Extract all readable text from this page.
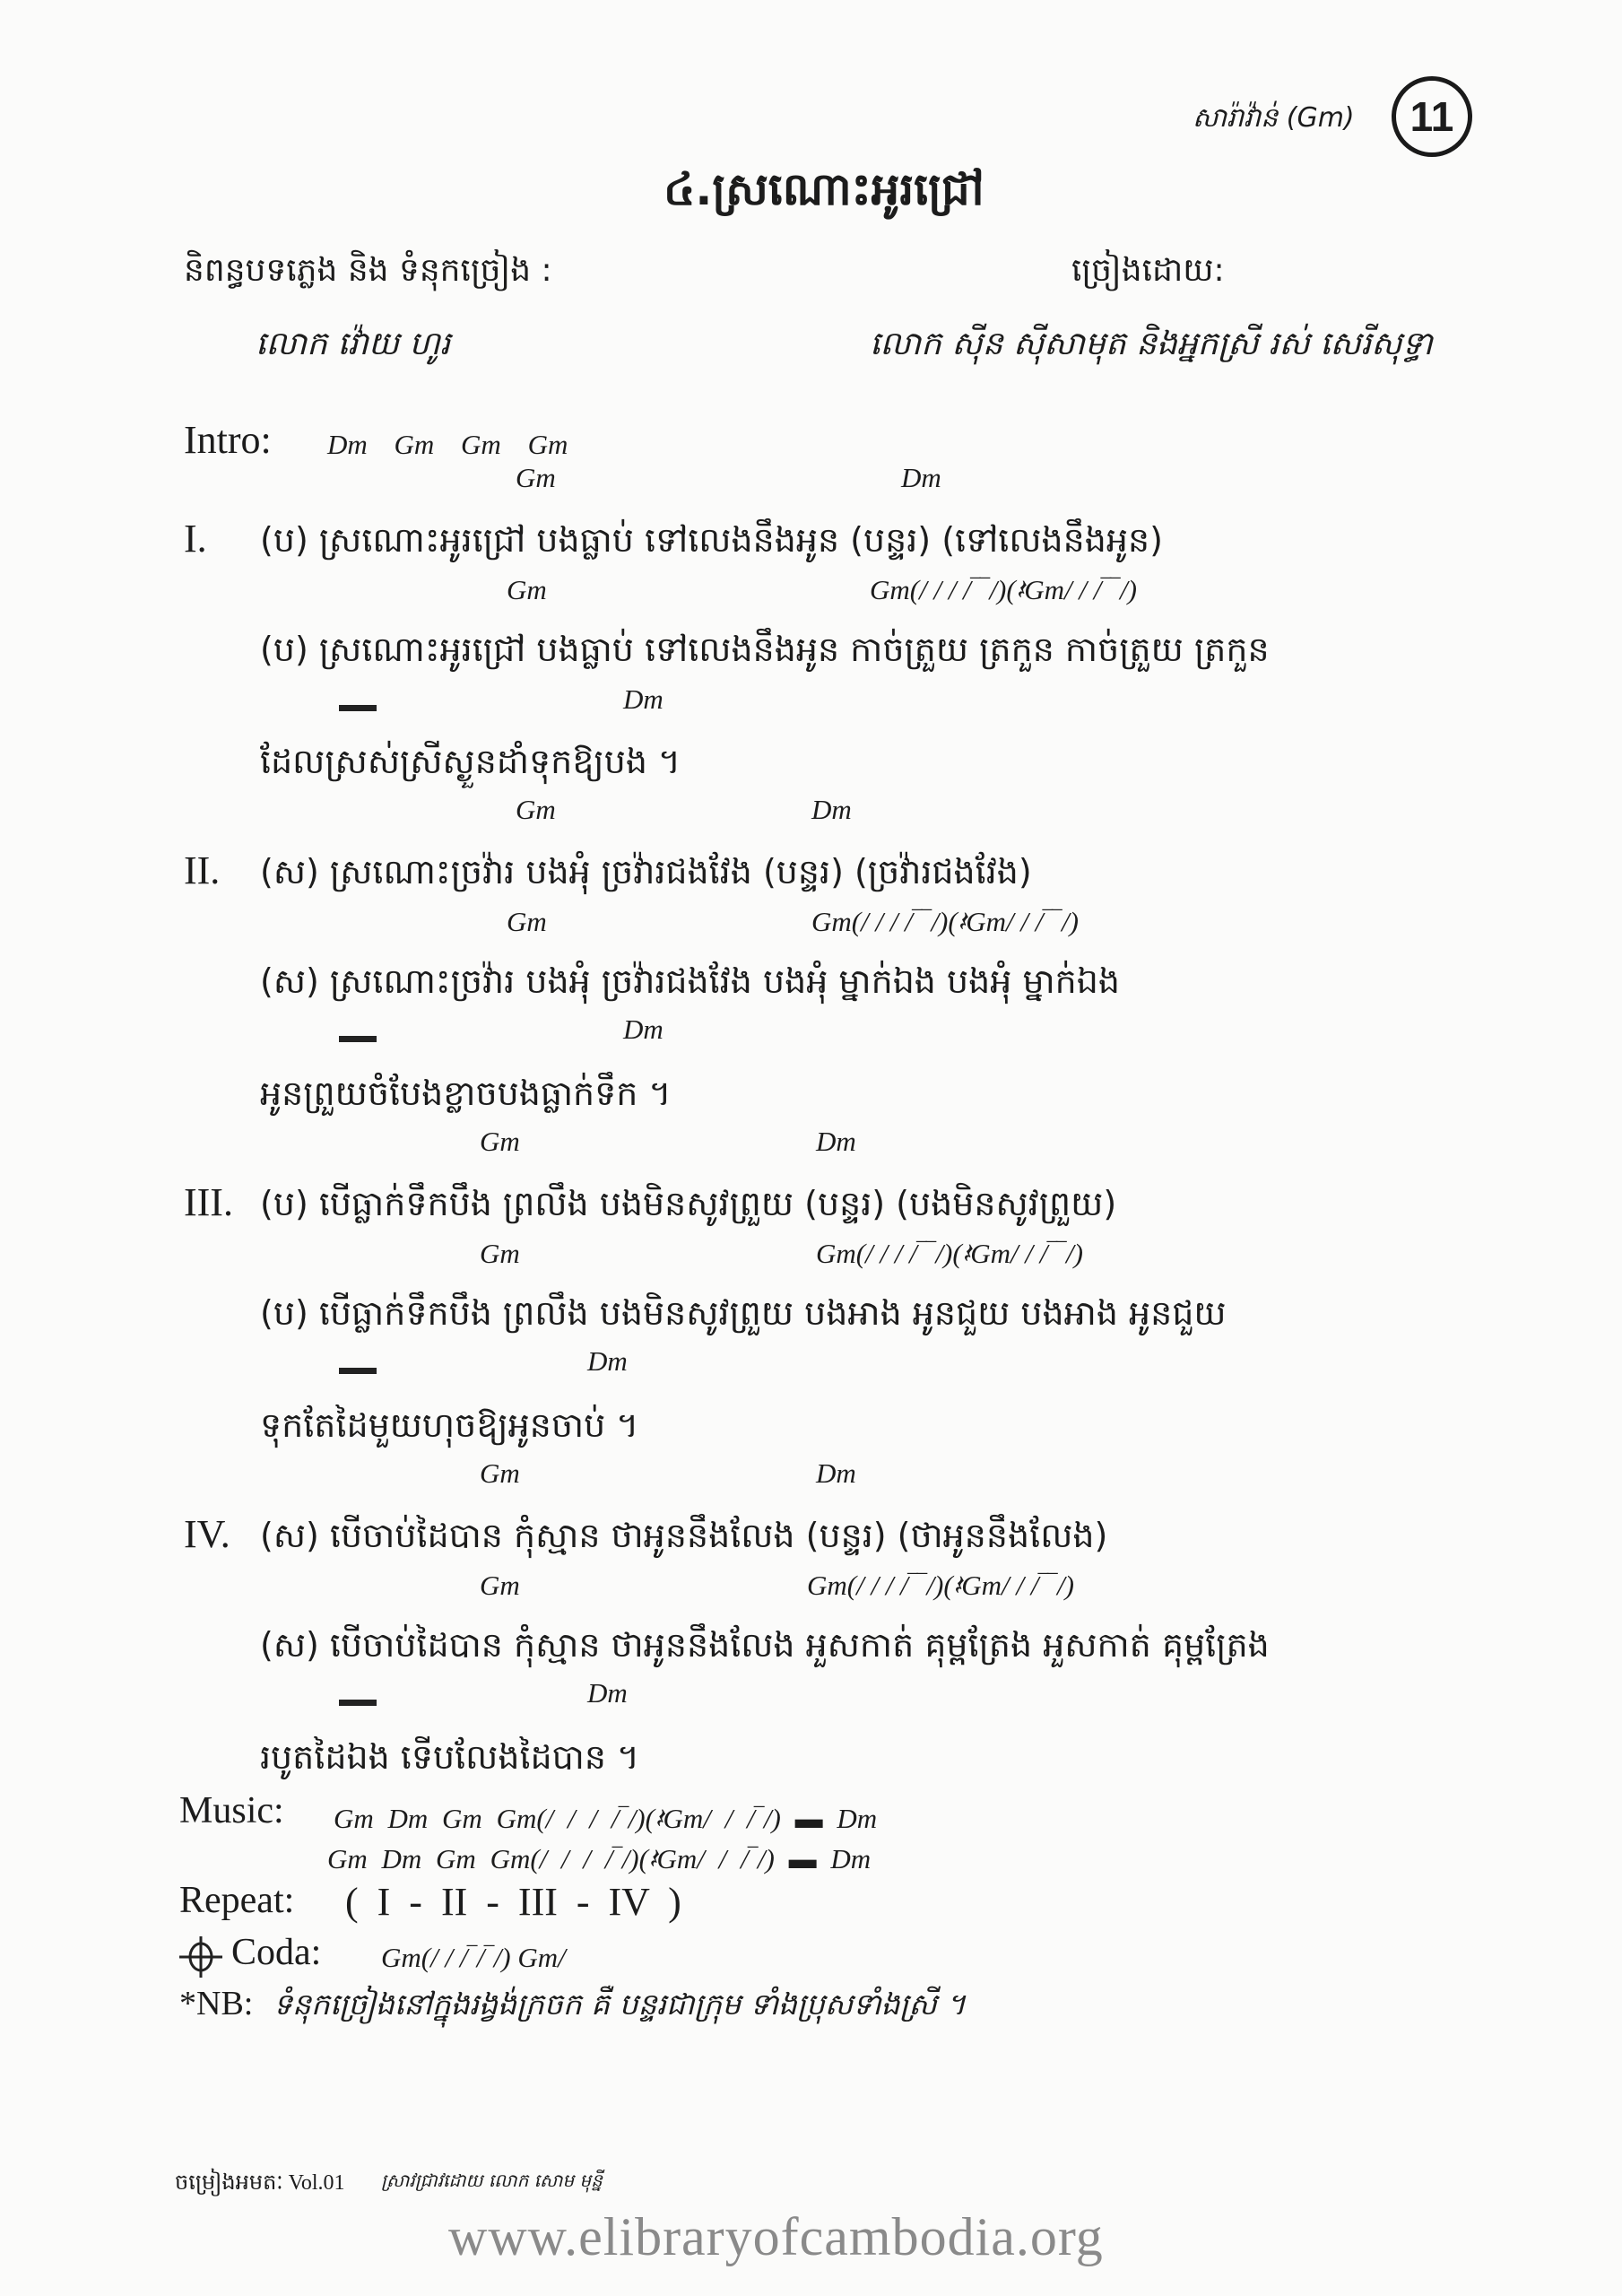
សារ៉ាវ៉ាន់ (Gm) 11
៤.ស្រណោះអូរជ្រៅ
និពន្ធបទភ្លេង និង ទំនុកច្រៀង :
លោក វ៉ោយ ហូរ
ច្រៀងដោយ:
លោក ស៊ីន ស៊ីសាមុត និងអ្នកស្រី រស់ សេរីសុទ្ធា
Intro: Dm Gm Gm Gm
Gm	Dm
I. (ប) ស្រណោះអូរជ្រៅ បងធ្លាប់ ទៅលេងនឹងអូន (បន្ទរ) (ទៅលេងនឹងអូន)
Gm	Gm(/ / / /‾‾/)(𝄽Gm/ / /‾‾/)
(ប) ស្រណោះអូរជ្រៅ បងធ្លាប់ ទៅលេងនឹងអូន កាច់ត្រួយ ត្រកួន កាច់ត្រួយ ត្រកួន
Dm
ដែលស្រស់ស្រីស្ងួនដាំទុកឱ្យបង ។
Gm	Dm
II. (ស) ស្រណោះច្រវ៉ារ បងអុំ ច្រវ៉ារជងវែង (បន្ទរ) (ច្រវ៉ារជងវែង)
Gm	Gm(/ / / /‾‾/)(𝄽Gm/ / /‾‾/)
(ស) ស្រណោះច្រវ៉ារ បងអុំ ច្រវ៉ារជងវែង បងអុំ ម្នាក់ឯង បងអុំ ម្នាក់ឯង
Dm
អូនព្រួយចំបែងខ្លាចបងធ្លាក់ទឹក ។
Gm	Dm
III. (ប) បើធ្លាក់ទឹកបឹង ព្រលឹង បងមិនសូវព្រួយ (បន្ទរ) (បងមិនសូវព្រួយ)
Gm	Gm(/ / / /‾‾/)(𝄽Gm/ / /‾‾/)
(ប) បើធ្លាក់ទឹកបឹង ព្រលឹង បងមិនសូវព្រួយ បងអាង អូនជួយ បងអាង អូនជួយ
Dm
ទុកតែដៃមួយហុចឱ្យអូនចាប់ ។
Gm	Dm
IV. (ស) បើចាប់ដៃបាន កុំស្មាន ថាអូននឹងលែង (បន្ទរ) (ថាអូននឹងលែង)
Gm	Gm(/ / / /‾‾/)(𝄽Gm/ / /‾‾/)
(ស) បើចាប់ដៃបាន កុំស្មាន ថាអូននឹងលែង អួសកាត់ គុម្ពត្រែង អួសកាត់ គុម្ពត្រែង
Dm
របូតដៃឯង ទើបលែងដៃបាន ។
Music: Gm Dm Gm Gm(/ / / /‾/)(𝄽Gm/ / /‾/) ▬ Dm
Gm Dm Gm Gm(/ / / /‾/)(𝄽Gm/ / /‾/) ▬ Dm
Repeat: ( I - II - III - IV )
Coda: Gm(/ / /‾/‾/) Gm/
*NB: ទំនុកច្រៀងនៅក្នុងរង្វង់ក្រចក គឺ បន្ទរជាក្រុម ទាំងប្រុសទាំងស្រី ។
ចម្រៀងអមតៈ Vol.01 ស្រាវជ្រាវដោយ លោក សោម មុន្នី
www.elibraryofcambodia.org
